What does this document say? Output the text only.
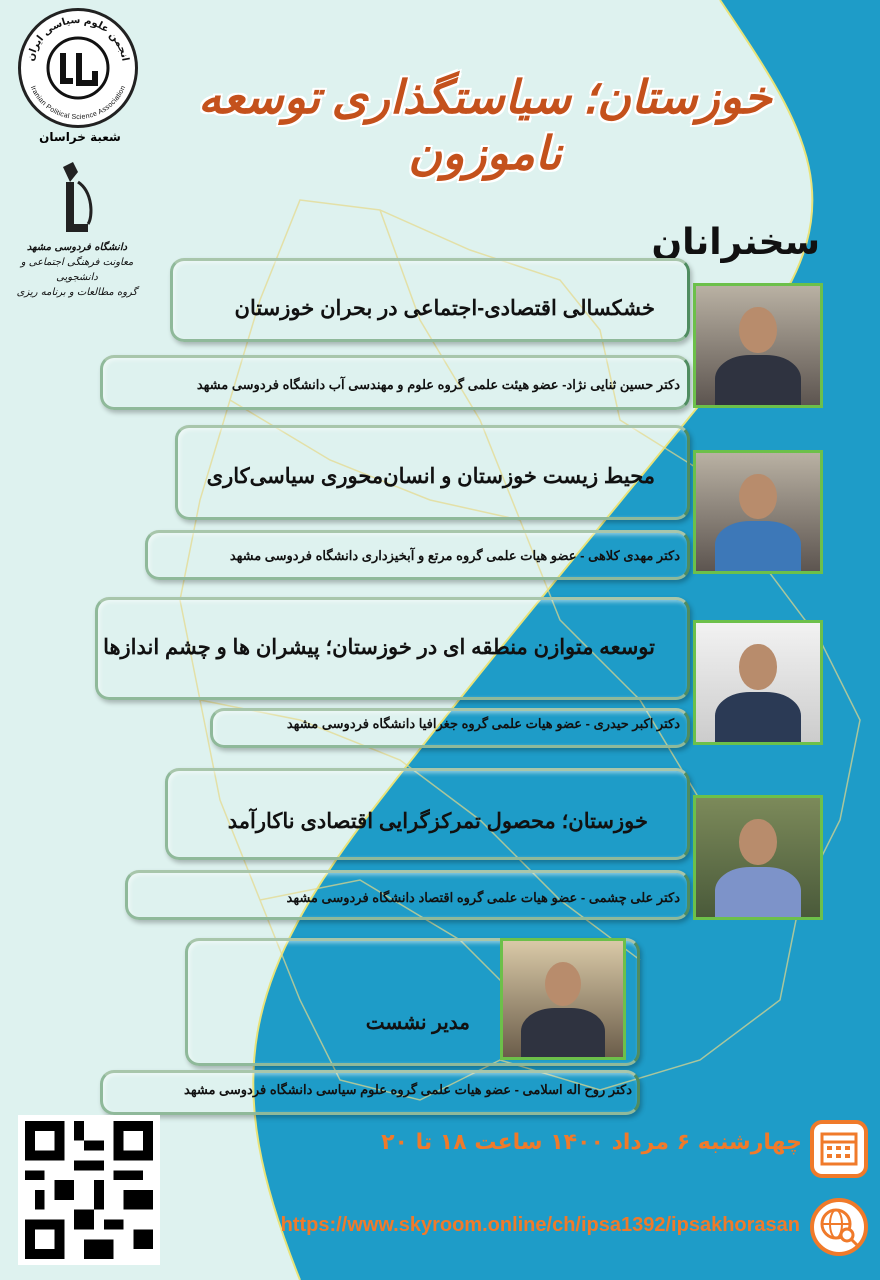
انجمن علوم سیاسی ایران
Iranian Political Science Association
شعبة خراسان
دانشگاه فردوسی مشهد
معاونت فرهنگی اجتماعی و دانشجویی
گروه مطالعات و برنامه ریزی
خوزستان؛ سیاستگذاری توسعه ناموزون
سخنرانان
خشکسالی اقتصادی-اجتماعی در بحران خوزستان
دکتر حسین ثنایی نژاد- عضو هیئت علمی گروه علوم و مهندسی آب دانشگاه فردوسی مشهد
محیط زیست خوزستان و انسان‌محوری سیاسی‌کاری
دکتر مهدی کلاهی - عضو هیات علمی گروه مرتع و آبخیزداری دانشگاه فردوسی مشهد
توسعه متوازن منطقه ای در خوزستان؛ پیشران ها و چشم اندازها
دکتر اکبر حیدری - عضو هیات علمی گروه جغرافیا دانشگاه فردوسی مشهد
خوزستان؛ محصول تمرکزگرایی اقتصادی ناکارآمد
دکتر علی چشمی - عضو هیات علمی گروه اقتصاد دانشگاه فردوسی مشهد
مدیر نشست
دکتر روح اله اسلامی - عضو هیات علمی گروه علوم سیاسی دانشگاه فردوسی مشهد
چهارشنبه ۶ مرداد ۱۴۰۰ ساعت ۱۸ تا ۲۰
https://www.skyroom.online/ch/ipsa1392/ipsakhorasan
